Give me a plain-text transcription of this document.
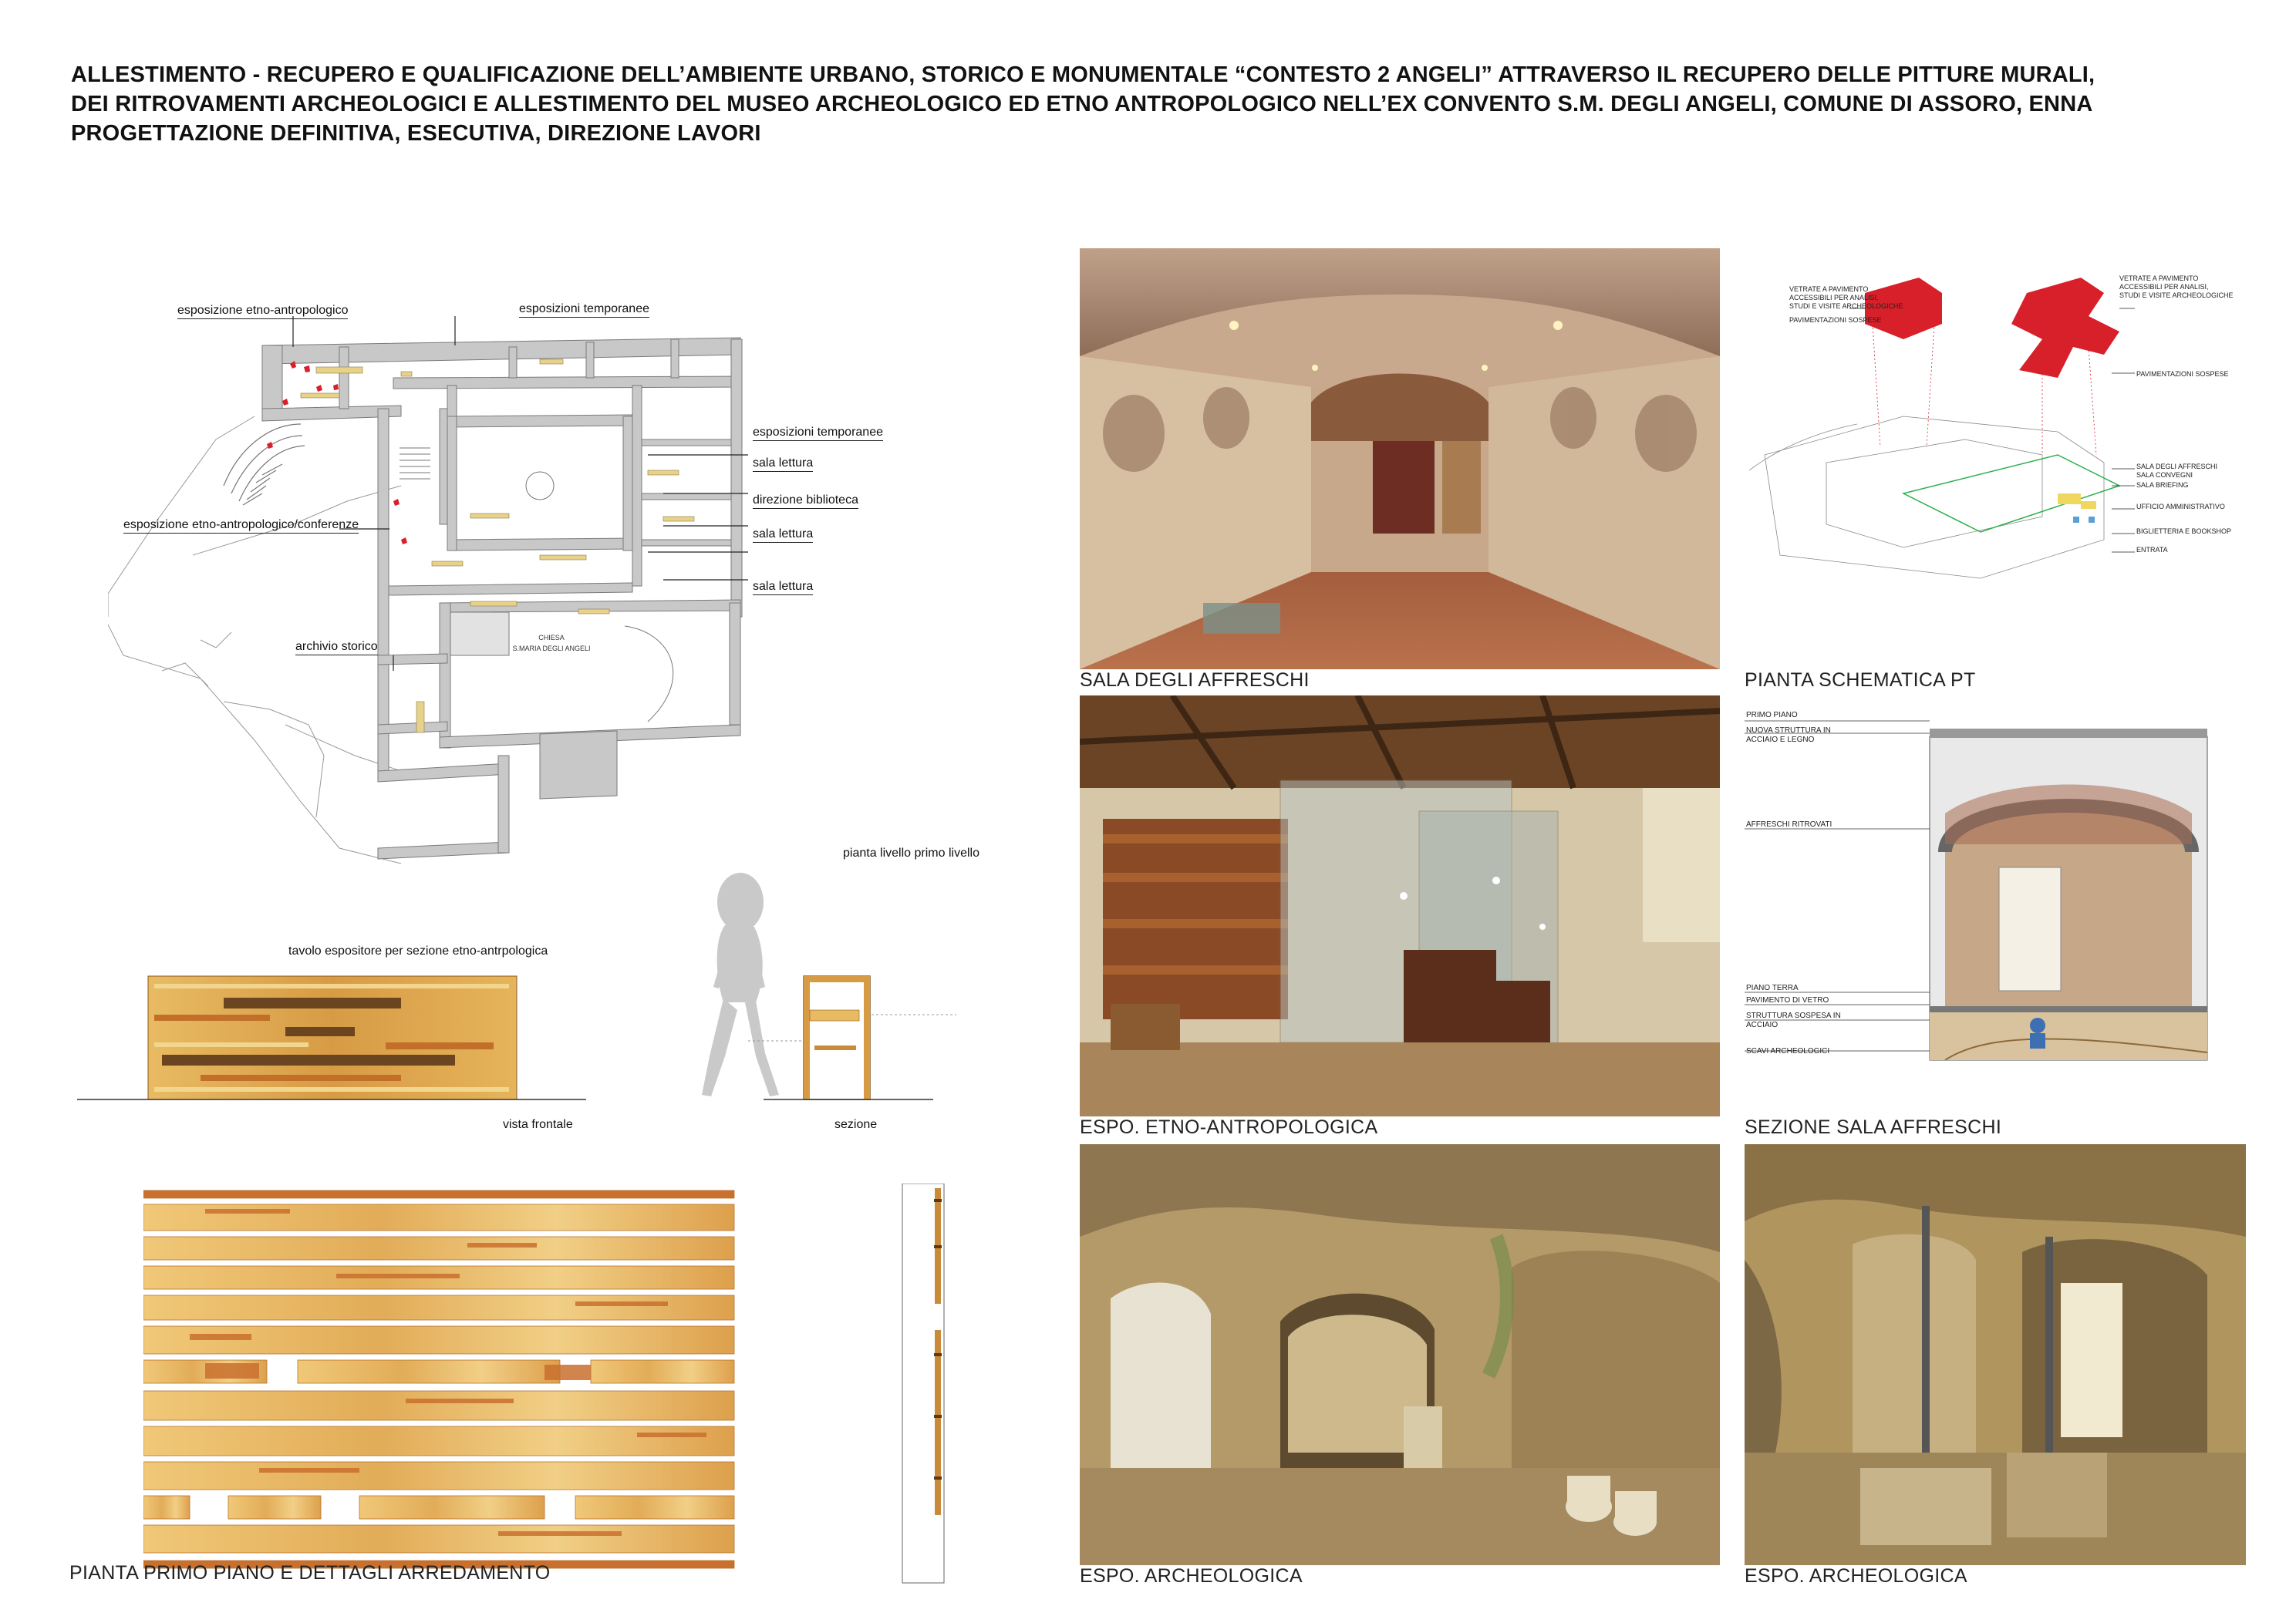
ALLESTIMENTO - RECUPERO E QUALIFICAZIONE DELL’AMBIENTE URBANO, STORICO E MONUMENTALE “CONTESTO 2 ANGELI” ATTRAVERSO IL RECUPERO DELLE PITTURE MURALI,
DEI RITROVAMENTI ARCHEOLOGICI E ALLESTIMENTO DEL MUSEO ARCHEOLOGICO ED ETNO ANTROPOLOGICO NELL’EX CONVENTO S.M. DEGLI ANGELI, COMUNE DI ASSORO, ENNA
PROGETTAZIONE DEFINITIVA, ESECUTIVA, DIREZIONE LAVORI
CHIESA
S.MARIA DEGLI ANGELI
esposizione etno-antropologico	esposizioni temporanee
esposizioni temporanee
sala lettura
direzione biblioteca
sala lettura
sala lettura
esposizione etno-antropologico/conferenze
archivio storico
pianta livello primo livello
tavolo espositore per sezione etno-antrpologica
vista frontale	sezione
PIANTA PRIMO PIANO E DETTAGLI ARREDAMENTO
SALA DEGLI AFFRESCHI
VETRATE A PAVIMENTO
ACCESSIBILI PER ANALISI,
STUDI E VISITE ARCHEOLOGICHE
PAVIMENTAZIONI SOSPESE
VETRATE A PAVIMENTO
ACCESSIBILI PER ANALISI,
STUDI E VISITE ARCHEOLOGICHE
PAVIMENTAZIONI SOSPESE
SALA DEGLI AFFRESCHI
SALA CONVEGNI
SALA BRIEFING
UFFICIO AMMINISTRATIVO
BIGLIETTERIA E BOOKSHOP
ENTRATA
PIANTA SCHEMATICA PT
ESPO. ETNO-ANTROPOLOGICA
PRIMO PIANO
NUOVA STRUTTURA IN
ACCIAIO E LEGNO
AFFRESCHI RITROVATI
PIANO TERRA
PAVIMENTO DI VETRO
STRUTTURA SOSPESA IN
ACCIAIO
SCAVI ARCHEOLOGICI
SEZIONE SALA AFFRESCHI
ESPO. ARCHEOLOGICA	ESPO. ARCHEOLOGICA
